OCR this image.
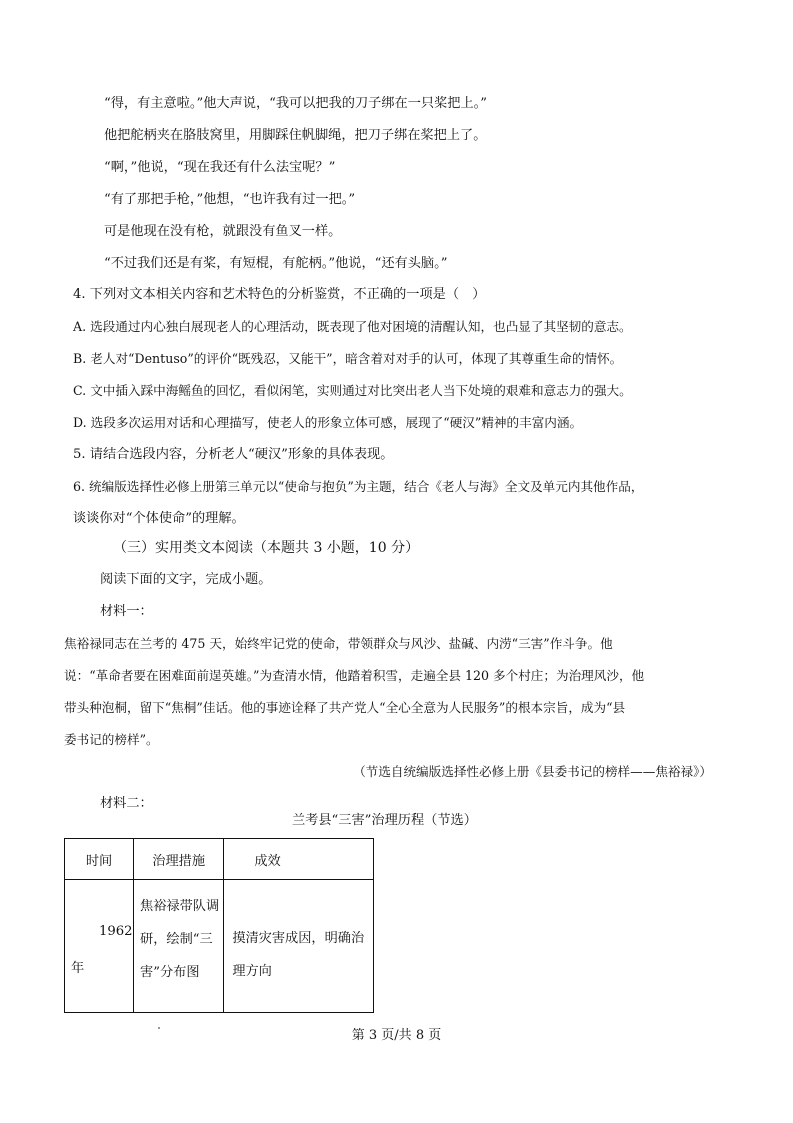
“得，有主意啦。”他大声说，“我可以把我的刀子绑在一只桨把上。”
他把舵柄夹在胳肢窝里，用脚踩住帆脚绳，把刀子绑在桨把上了。
“啊，”他说，“现在我还有什么法宝呢？”
“有了那把手枪，”他想，“也许我有过一把。”
可是他现在没有枪，就跟没有鱼叉一样。
“不过我们还是有桨，有短棍，有舵柄。”他说，“还有头脑。”
4. 下列对文本相关内容和艺术特色的分析鉴赏，不正确的一项是（　）
A. 选段通过内心独白展现老人的心理活动，既表现了他对困境的清醒认知，也凸显了其坚韧的意志。
B. 老人对“Dentuso”的评价“既残忍，又能干”，暗含着对对手的认可，体现了其尊重生命的情怀。
C. 文中插入踩中海鳐鱼的回忆，看似闲笔，实则通过对比突出老人当下处境的艰难和意志力的强大。
D. 选段多次运用对话和心理描写，使老人的形象立体可感，展现了“硬汉”精神的丰富内涵。
5. 请结合选段内容，分析老人“硬汉”形象的具体表现。
6. 统编版选择性必修上册第三单元以“使命与抱负”为主题，结合《老人与海》全文及单元内其他作品，
谈谈你对“个体使命”的理解。
（三）实用类文本阅读（本题共 3 小题，10 分）
阅读下面的文字，完成小题。
材料一：
焦裕禄同志在兰考的 475 天，始终牢记党的使命，带领群众与风沙、盐碱、内涝“三害”作斗争。他
说：“革命者要在困难面前逞英雄。”为查清水情，他踏着积雪，走遍全县 120 多个村庄；为治理风沙，他
带头种泡桐，留下“焦桐”佳话。他的事迹诠释了共产党人“全心全意为人民服务”的根本宗旨，成为“县
委书记的榜样”。
（节选自统编版选择性必修上册《县委书记的榜样——焦裕禄》）
材料二：
兰考县“三害”治理历程（节选）
时间	治理措施	成效

1962
年	焦裕禄带队调研，绘制“三害”分布图	摸清灾害成因，明确治理方向
第 3 页/共 8 页
